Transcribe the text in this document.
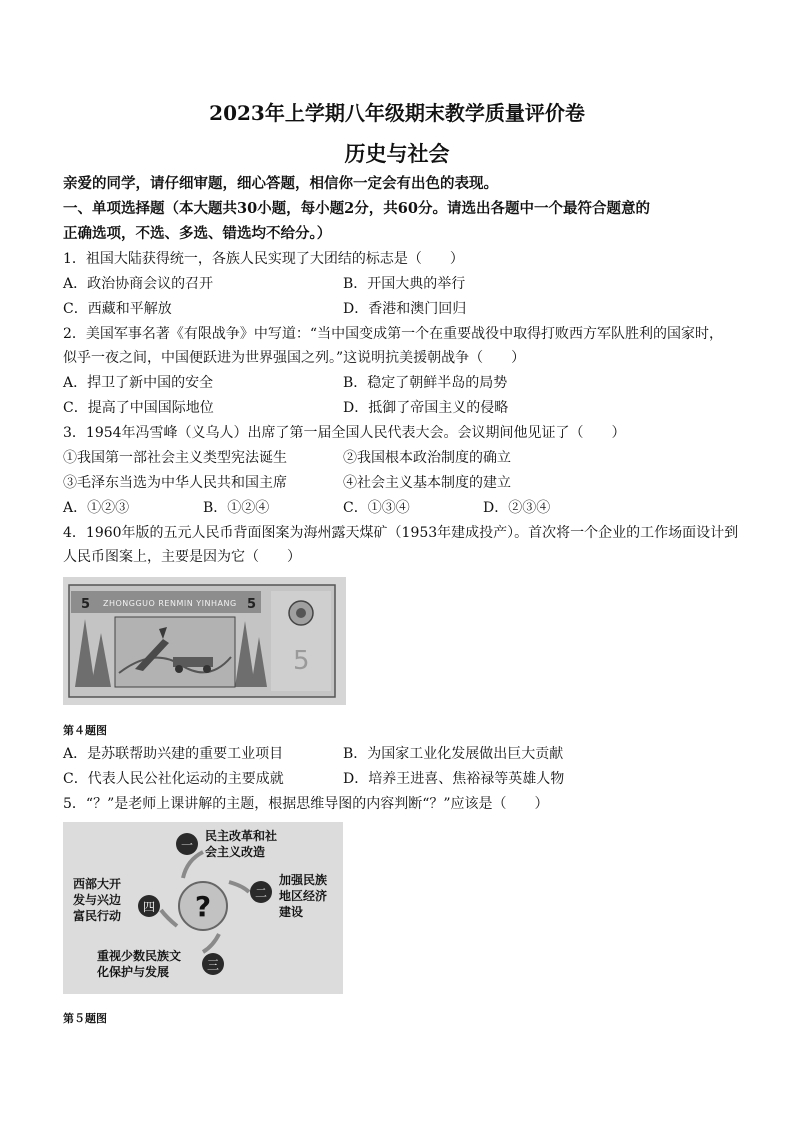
2023年上学期八年级期末教学质量评价卷
历史与社会
亲爱的同学，请仔细审题，细心答题，相信你一定会有出色的表现。
一、单项选择题（本大题共30小题，每小题2分，共60分。请选出各题中一个最符合题意的
正确选项，不选、多选、错选均不给分。）
1．祖国大陆获得统一，各族人民实现了大团结的标志是（　　）
A．政治协商会议的召开	B．开国大典的举行
C．西藏和平解放	D．香港和澳门回归
2．美国军事名著《有限战争》中写道：“当中国变成第一个在重要战役中取得打败西方军队胜利的国家时，
似乎一夜之间，中国便跃进为世界强国之列。”这说明抗美援朝战争（　　）
A．捍卫了新中国的安全	B．稳定了朝鲜半岛的局势
C．提高了中国国际地位	D．抵御了帝国主义的侵略
3．1954年冯雪峰（义乌人）出席了第一届全国人民代表大会。会议期间他见证了（　　）
①我国第一部社会主义类型宪法诞生	②我国根本政治制度的确立
③毛泽东当选为中华人民共和国主席	④社会主义基本制度的建立
A．①②③	B．①②④	C．①③④	D．②③④
4．1960年版的五元人民币背面图案为海州露天煤矿（1953年建成投产）。首次将一个企业的工作场面设计到
人民币图案上，主要是因为它（　　）
5 ZHONGGUO RENMIN YINHANG 5
5
第４题图
A．是苏联帮助兴建的重要工业项目	B．为国家工业化发展做出巨大贡献
C．代表人民公社化运动的主要成就	D．培养王进喜、焦裕禄等英雄人物
5．“？”是老师上课讲解的主题，根据思维导图的内容判断“？”应该是（　　）
?
一
民主改革和社
会主义改造
二
加强民族
地区经济
建设
三
重视少数民族文
化保护与发展
四
西部大开
发与兴边
富民行动
第５题图
